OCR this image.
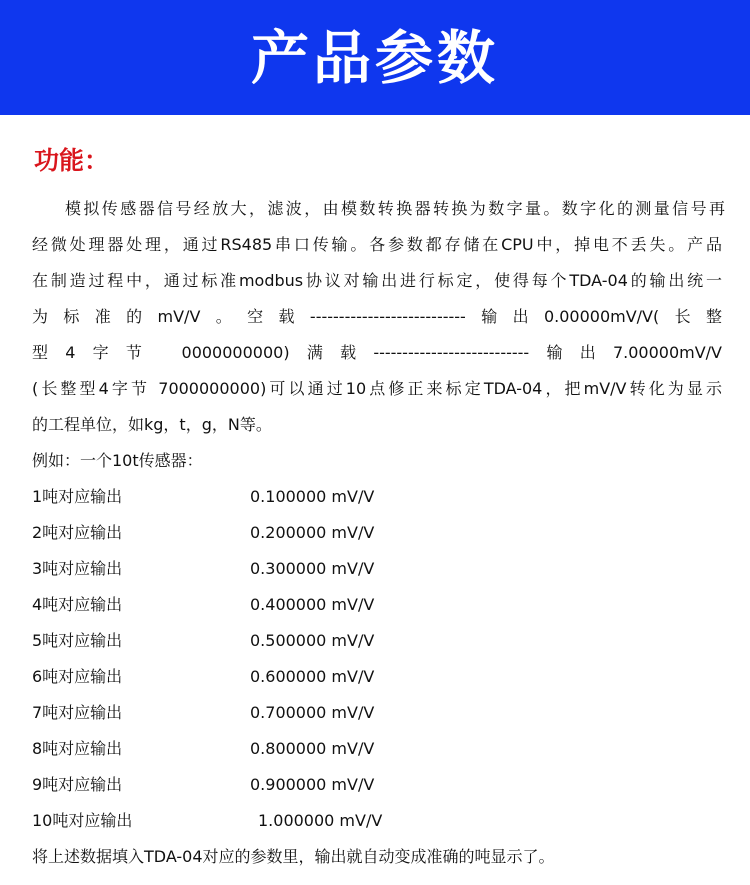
产品参数
功能：
模拟传感器信号经放大，滤波，由模数转换器转换为数字量。数字化的测量信号再
经微处理器处理，通过RS485串口传输。各参数都存储在CPU中，掉电不丢失。产品
在制造过程中，通过标准modbus协议对输出进行标定，使得每个TDA-04的输出统一
为标准的mV/V。空载---------------------------输出0.00000mV/V(长整
型4字节 0000000000)满载---------------------------输出7.00000mV/V
(长整型4字节 7000000000)可以通过10点修正来标定TDA-04，把mV/V转化为显示
的工程单位，如kg，t，g，N等。
例如：一个10t传感器：
1吨对应输出	0.100000 mV/V
2吨对应输出	0.200000 mV/V
3吨对应输出	0.300000 mV/V
4吨对应输出	0.400000 mV/V
5吨对应输出	0.500000 mV/V
6吨对应输出	0.600000 mV/V
7吨对应输出	0.700000 mV/V
8吨对应输出	0.800000 mV/V
9吨对应输出	0.900000 mV/V
10吨对应输出	1.000000 mV/V
将上述数据填入TDA-04对应的参数里，输出就自动变成准确的吨显示了。
